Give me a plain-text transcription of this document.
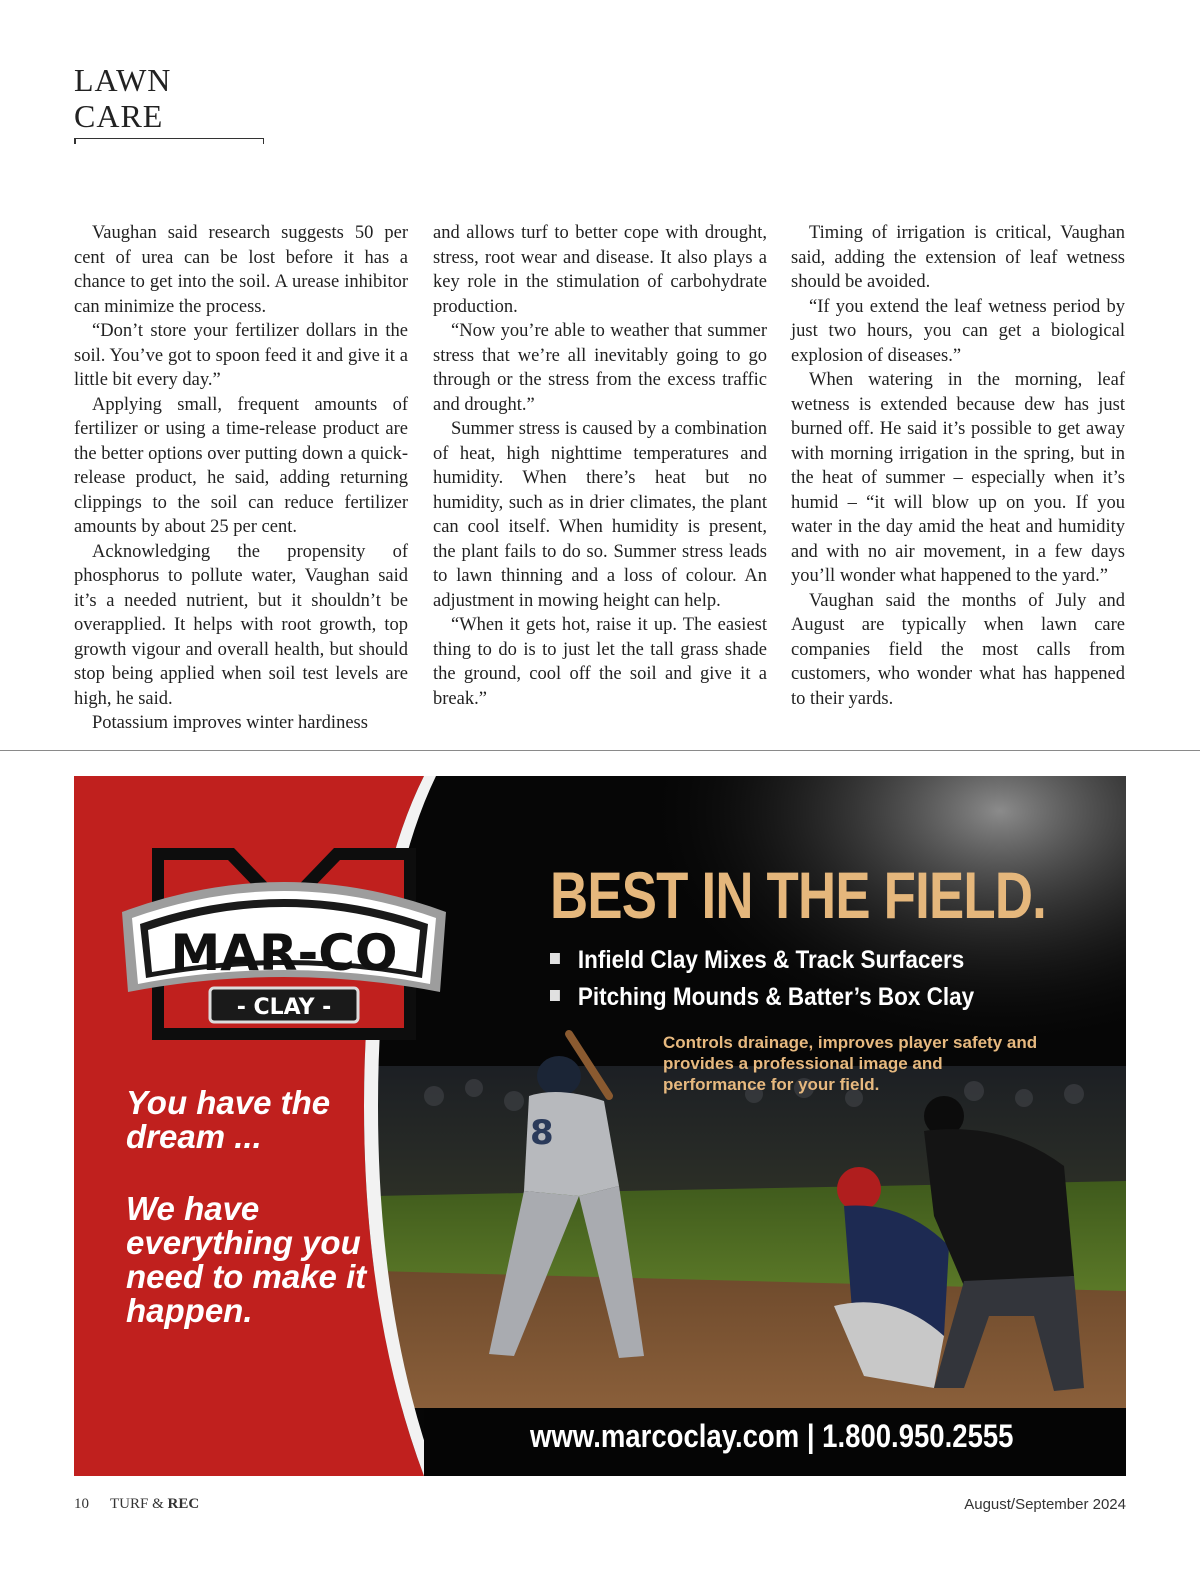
LAWN CARE

Vaughan said research suggests 50 per cent of urea can be lost before it has a chance to get into the soil. A urease inhibitor can minimize the process.

“Don’t store your fertilizer dollars in the soil. You’ve got to spoon feed it and give it a little bit every day.”

Applying small, frequent amounts of fertilizer or using a time-release product are the better options over putting down a quick-release product, he said, adding returning clippings to the soil can reduce fertilizer amounts by about 25 per cent.

Acknowledging the propensity of phosphorus to pollute water, Vaughan said it’s a needed nutrient, but it shouldn’t be overapplied. It helps with root growth, top growth vigour and overall health, but should stop being applied when soil test levels are high, he said.

Potassium improves winter hardiness

and allows turf to better cope with drought, stress, root wear and disease. It also plays a key role in the stimulation of carbohydrate production.

“Now you’re able to weather that summer stress that we’re all inevitably going to go through or the stress from the excess traffic and drought.”

Summer stress is caused by a combination of heat, high nighttime temperatures and humidity. When there’s heat but no humidity, such as in drier climates, the plant can cool itself. When humidity is present, the plant fails to do so. Summer stress leads to lawn thinning and a loss of colour. An adjustment in mowing height can help.

“When it gets hot, raise it up. The easiest thing to do is to just let the tall grass shade the ground, cool off the soil and give it a break.”

Timing of irrigation is critical, Vaughan said, adding the extension of leaf wetness should be avoided.

“If you extend the leaf wetness period by just two hours, you can get a biological explosion of diseases.”

When watering in the morning, leaf wetness is extended because dew has just burned off. He said it’s possible to get away with morning irrigation in the spring, but in the heat of summer – especially when it’s humid – “it will blow up on you. If you water in the day amid the heat and humidity and with no air movement, in a few days you’ll wonder what happened to the yard.”

Vaughan said the months of July and August are typically when lawn care companies field the most calls from customers, who wonder what has happened to their yards.

8
MAR-CO
- CLAY -
BEST IN THE FIELD.
Infield Clay Mixes & Track Surfacers
Pitching Mounds & Batter’s Box Clay
Controls drainage, improves player safety and provides a professional image and performance for your field.
You have the dream ...
We have everything you need to make it happen.
www.marcoclay.com | 1.800.950.2555
10 TURF & REC	August/September 2024
